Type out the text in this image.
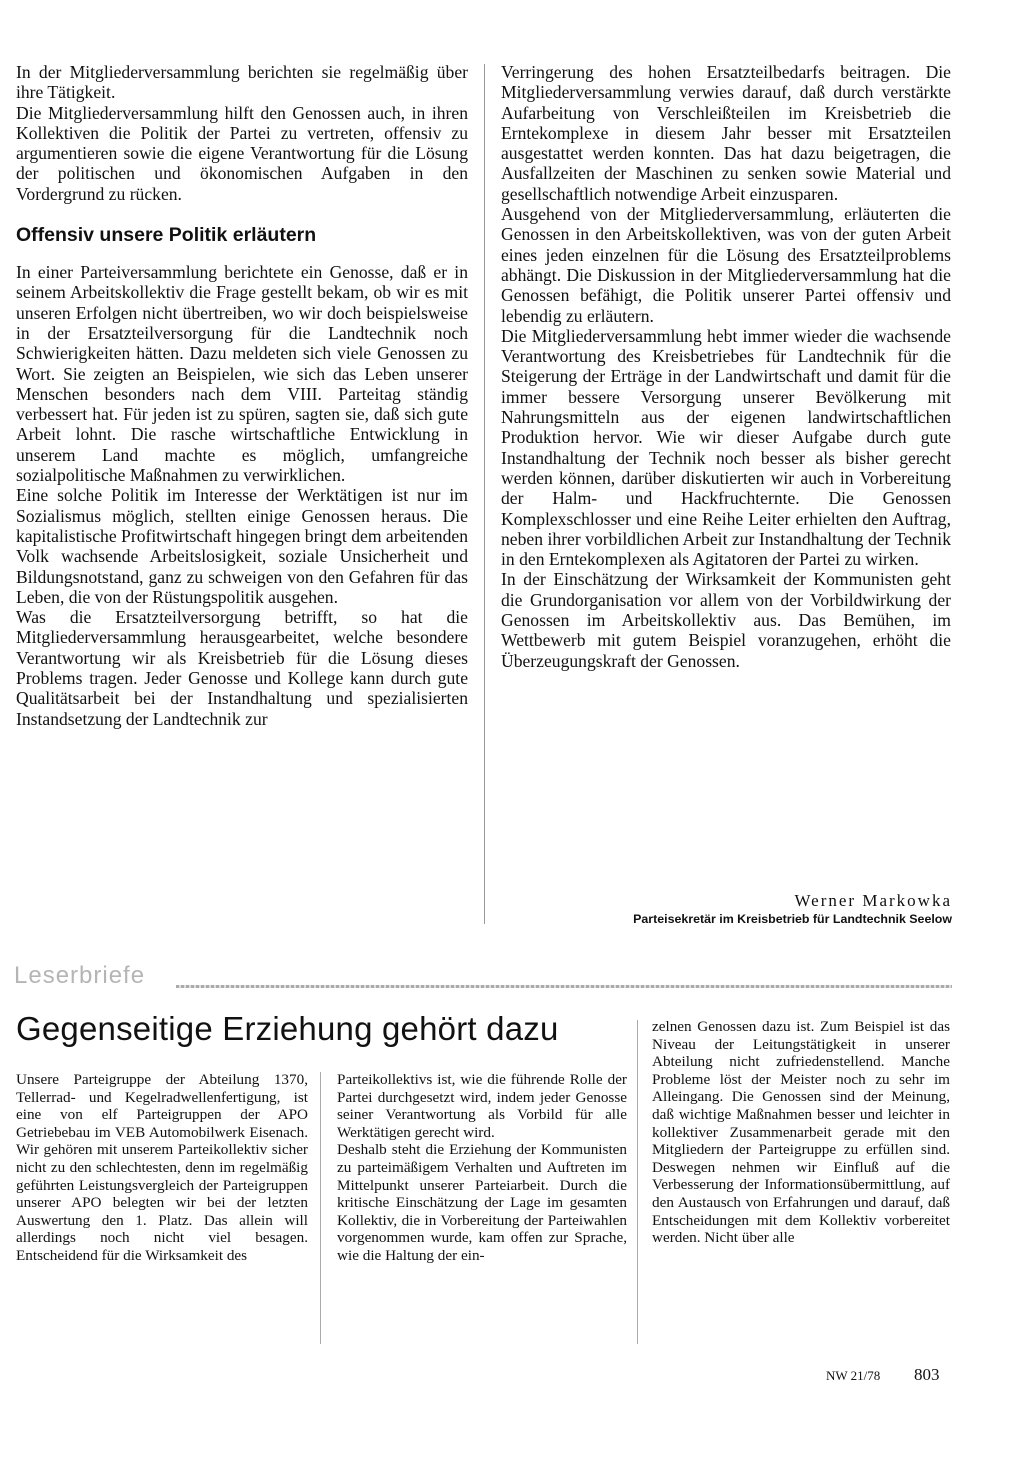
In der Mitgliederversammlung berichten sie regelmäßig über ihre Tätigkeit.

Die Mitgliederversammlung hilft den Genossen auch, in ihren Kollektiven die Politik der Partei zu vertreten, offensiv zu argumentieren sowie die eigene Verantwortung für die Lösung der politischen und ökonomischen Aufgaben in den Vordergrund zu rücken.

Offensiv unsere Politik erläutern

In einer Parteiversammlung berichtete ein Genosse, daß er in seinem Arbeitskollektiv die Frage gestellt bekam, ob wir es mit unseren Erfolgen nicht übertreiben, wo wir doch beispielsweise in der Ersatzteilversorgung für die Landtechnik noch Schwierigkeiten hätten. Dazu meldeten sich viele Genossen zu Wort. Sie zeigten an Beispielen, wie sich das Leben unserer Menschen besonders nach dem VIII. Parteitag ständig verbessert hat. Für jeden ist zu spüren, sagten sie, daß sich gute Arbeit lohnt. Die rasche wirtschaftliche Entwicklung in unserem Land machte es möglich, umfangreiche sozialpolitische Maßnahmen zu verwirklichen.

Eine solche Politik im Interesse der Werktätigen ist nur im Sozialismus möglich, stellten einige Genossen heraus. Die kapitalistische Profitwirtschaft hingegen bringt dem arbeitenden Volk wachsende Arbeitslosigkeit, soziale Unsicherheit und Bildungsnotstand, ganz zu schweigen von den Gefahren für das Leben, die von der Rüstungspolitik ausgehen.

Was die Ersatzteilversorgung betrifft, so hat die Mitgliederversammlung herausgearbeitet, welche besondere Verantwortung wir als Kreisbetrieb für die Lösung dieses Problems tragen. Jeder Genosse und Kollege kann durch gute Qualitätsarbeit bei der Instandhaltung und spezialisierten Instandsetzung der Landtechnik zur

Verringerung des hohen Ersatzteilbedarfs beitragen. Die Mitgliederversammlung verwies darauf, daß durch verstärkte Aufarbeitung von Verschleißteilen im Kreisbetrieb die Erntekomplexe in diesem Jahr besser mit Ersatzteilen ausgestattet werden konnten. Das hat dazu beigetragen, die Ausfallzeiten der Maschinen zu senken sowie Material und gesellschaftlich notwendige Arbeit einzusparen.

Ausgehend von der Mitgliederversammlung, erläuterten die Genossen in den Arbeitskollektiven, was von der guten Arbeit eines jeden einzelnen für die Lösung des Ersatzteilproblems abhängt. Die Diskussion in der Mitgliederversammlung hat die Genossen befähigt, die Politik unserer Partei offensiv und lebendig zu erläutern.

Die Mitgliederversammlung hebt immer wieder die wachsende Verantwortung des Kreisbetriebes für Landtechnik für die Steigerung der Erträge in der Landwirtschaft und damit für die immer bessere Versorgung unserer Bevölkerung mit Nahrungsmitteln aus der eigenen landwirtschaftlichen Produktion hervor. Wie wir dieser Aufgabe durch gute Instandhaltung der Technik noch besser als bisher gerecht werden können, darüber diskutierten wir auch in Vorbereitung der Halm- und Hackfruchternte. Die Genossen Komplexschlosser und eine Reihe Leiter erhielten den Auftrag, neben ihrer vorbildlichen Arbeit zur Instandhaltung der Technik in den Erntekomplexen als Agitatoren der Partei zu wirken.

In der Einschätzung der Wirksamkeit der Kommunisten geht die Grundorganisation vor allem von der Vorbildwirkung der Genossen im Arbeitskollektiv aus. Das Bemühen, im Wettbewerb mit gutem Beispiel voranzugehen, erhöht die Überzeugungskraft der Genossen.

Werner Markowka
Parteisekretär im Kreisbetrieb für Landtechnik Seelow
Leserbriefe
Gegenseitige Erziehung gehört dazu

Unsere Parteigruppe der Abteilung 1370, Tellerrad- und Kegelradwellenfertigung, ist eine von elf Parteigruppen der APO Getriebebau im VEB Automobilwerk Eisenach. Wir gehören mit unserem Parteikollektiv sicher nicht zu den schlechtesten, denn im regelmäßig geführten Leistungsvergleich der Parteigruppen unserer APO belegten wir bei der letzten Auswertung den 1. Platz. Das allein will allerdings noch nicht viel besagen. Entscheidend für die Wirksamkeit des

Parteikollektivs ist, wie die führende Rolle der Partei durchgesetzt wird, indem jeder Genosse seiner Verantwortung als Vorbild für alle Werktätigen gerecht wird.

Deshalb steht die Erziehung der Kommunisten zu parteimäßigem Verhalten und Auftreten im Mittelpunkt unserer Parteiarbeit. Durch die kritische Einschätzung der Lage im gesamten Kollektiv, die in Vorbereitung der Parteiwahlen vorgenommen wurde, kam offen zur Sprache, wie die Haltung der ein-

zelnen Genossen dazu ist. Zum Beispiel ist das Niveau der Leitungstätigkeit in unserer Abteilung nicht zufriedenstellend. Manche Probleme löst der Meister noch zu sehr im Alleingang. Die Genossen sind der Meinung, daß wichtige Maßnahmen besser und leichter in kollektiver Zusammenarbeit gerade mit den Mitgliedern der Parteigruppe zu erfüllen sind. Deswegen nehmen wir Einfluß auf die Verbesserung der Informationsübermittlung, auf den Austausch von Erfahrungen und darauf, daß Entscheidungen mit dem Kollektiv vorbereitet werden. Nicht über alle

NW 21/78 803
